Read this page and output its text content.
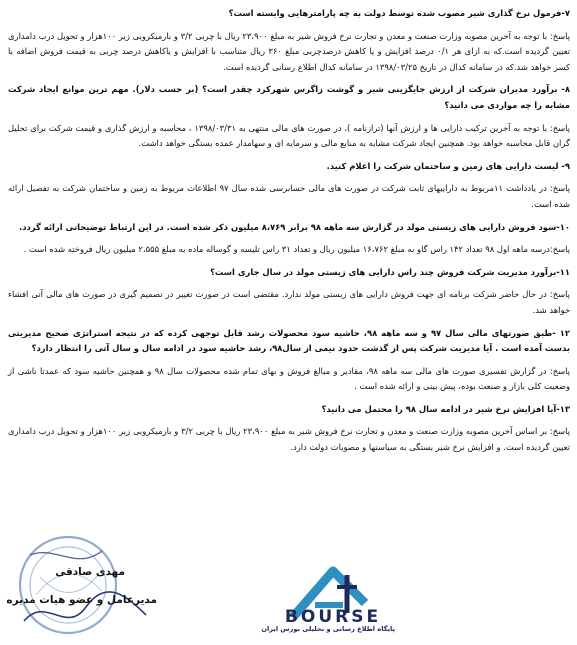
۷-فرمول نرخ گذاری شیر مصوب شده توسط دولت به چه پارامترهایی وابسته است؟

پاسخ: با توجه به آخرین مصوبه وزارت صنعت و معدن و تجارت نرخ فروش شیر به مبلغ ۲۳،۹۰۰ ریال با چربی ۳/۲ و بارمیکروبی زیر ۱۰۰هزار و تحویل درب دامداری تعیین گردیده است.که به ازای هر ۰/۱ درصد افزایش و یا کاهش درصدچربی مبلغ ۳۶۰ ریال متناسب با افزایش و یاکاهش درصد چربی به قیمت فروش اضافه یا کسر خواهد شد.که در سامانه کدال در تاریخ ۱۳۹۸/۰۳/۲۵ در سامانه کدال اطلاع رسانی گردیده است.

۸- برآورد مدیران شرکت از ارزش جایگزینی شیر و گوشت زاگرس شهرکرد چقدر است؟ (بر حسب دلار). مهم ترین موانع ایجاد شرکت مشابه را چه مواردی می دانید؟

پاسخ: با توجه به آخرین ترکیب دارایی ها و ارزش آنها (ترازنامه )، در صورت های مالی منتهی به ۱۳۹۸/۰۳/۳۱ ، محاسبه و ارزش گذاری و قیمت شرکت برای تحلیل گران قابل محاسبه خواهد بود. همچنین ایجاد شرکت مشابه به منابع مالی و سرمایه ای و سهامدار عمده بستگی خواهد داشت.

۹- لیست دارایی های زمین و ساختمان شرکت را اعلام کنید.

پاسخ: در یادداشت ۱۱مربوط به داراییهای ثابت شرکت در صورت های مالی حسابرسی شده سال ۹۷ اطلاعات مربوط به زمین و ساختمان شرکت به تفصیل ارائه شده است.

۱۰-سود فروش دارایی های زیستی مولد در گزارش سه ماهه ۹۸ برابر ۸،۷۶۹ میلیون ذکر شده است. در این ارتباط توضیحاتی ارائه گردد.

پاسخ:درسه ماهه اول ۹۸ تعداد ۱۴۲ راس گاو به مبلغ ۱۶،۷۶۲ میلیون ریال و تعداد ۳۱ راس تلیسه و گوساله ماده به مبلغ ۲،۵۵۵ میلیون ریال فروخته شده است .

۱۱-برآورد مدیریت شرکت فروش چند راس دارایی های زیستی مولد در سال جاری است؟

پاسخ: در حال حاضر شرکت برنامه ای جهت فروش دارایی های زیستی مولد ندارد. مقتضی است در صورت تغییر در تصمیم گیری در صورت های مالی آتی افشاء خواهد شد.

۱۲ -طبق صورتهای مالی سال ۹۷ و سه ماهه ۹۸، حاشیه سود محصولات رشد قابل توجهی کرده که در نتیجه استراتژی صحیح مدیریتی بدست آمده است . آیا مدیریت شرکت پس از گذشت حدود نیمی از سال۹۸، رشد حاشیه سود در ادامه سال و سال آتی را انتظار دارد؟

پاسخ: در گزارش تفسیری صورت های مالی سه ماهه ۹۸، مقادیر و مبالغ فروش و بهای تمام شده محصولات سال ۹۸ و همچنین حاشیه سود که عمدتا ناشی از وضعیت کلی بازار و صنعت بوده، پیش بینی و ارائه شده است .

۱۳-آیا افزایش نرخ شیر در ادامه سال ۹۸ را محتمل می دانید؟

پاسخ: بر اساس آخرین مصوبه وزارت صنعت و معدن و تجارت نرخ فروش شیر به مبلغ ۲۳،۹۰۰ ریال با چربی ۳/۲ و بارمیکروبی زیر ۱۰۰هزار و تحویل درب دامداری تعیین گردیده است. و افزایش نرخ شیر بستگی به سیاستها و مصوبات دولت دارد.

مهدی صادقی
مدیرعامل و عضو هیات مدیره
BOURSE
پایگاه اطلاع رسانی و تحلیلی بورس ایران
